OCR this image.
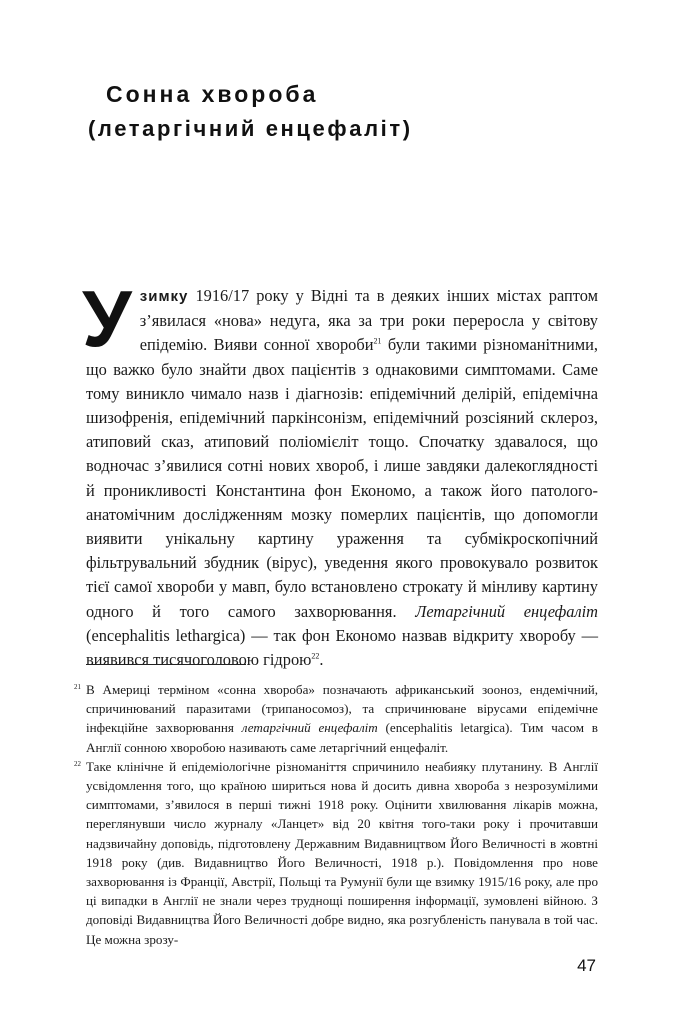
Сонна хвороба
(летаргічний енцефаліт)

Узимку 1916/17 року у Відні та в деяких інших містах раптом з’явилася «нова» недуга, яка за три роки переросла у світову епідемію. Вияви сонної хвороби$^{21}$ були такими різноманітними, що важко було знайти двох пацієнтів з однаковими симптомами. Саме тому виникло чимало назв і діагнозів: епідемічний делірій, епідемічна шизофренія, епідемічний паркінсонізм, епідемічний розсіяний склероз, атиповий сказ, атиповий поліомієліт тощо. Спочатку здавалося, що водночас з’явилися сотні нових хвороб, і лише завдяки далекоглядності й проникливості Константина фон Економо, а також його патолого-анатомічним дослідженням мозку померлих пацієнтів, що допомогли виявити унікальну картину ураження та субмікроскопічний фільтрувальний збудник (вірус), уведення якого провокувало розвиток тієї самої хвороби у мавп, було встановлено строкату й мінливу картину одного й того самого захворювання. Летаргічний енцефаліт (encephalitis lethargica) — так фон Економо назвав відкриту хворобу — виявився тисячоголовою гідрою$^{22}$.

21 В Америці терміном «сонна хвороба» позначають африканський зооноз, ендемічний, спричинюваний паразитами (трипаносомоз), та спричинюване вірусами епідемічне інфекційне захворювання летаргічний енцефаліт (encephalitis letargica). Тим часом в Англії сонною хворобою називають саме летаргічний енцефаліт.
22 Таке клінічне й епідеміологічне різноманіття спричинило неабияку плутанину. В Англії усвідомлення того, що країною шириться нова й досить дивна хвороба з незрозумілими симптомами, з’явилося в перші тижні 1918 року. Оцінити хвилювання лікарів можна, переглянувши число журналу «Ланцет» від 20 квітня того-таки року і прочитавши надзвичайну доповідь, підготовлену Державним Видавництвом Його Величності в жовтні 1918 року (див. Видавництво Його Величності, 1918 р.). Повідомлення про нове захворювання із Франції, Австрії, Польщі та Румунії були ще взимку 1915/16 року, але про ці випадки в Англії не знали через труднощі поширення інформації, зумовлені війною. З доповіді Видавництва Його Величності добре видно, яка розгубленість панувала в той час. Це можна зрозу-
47
